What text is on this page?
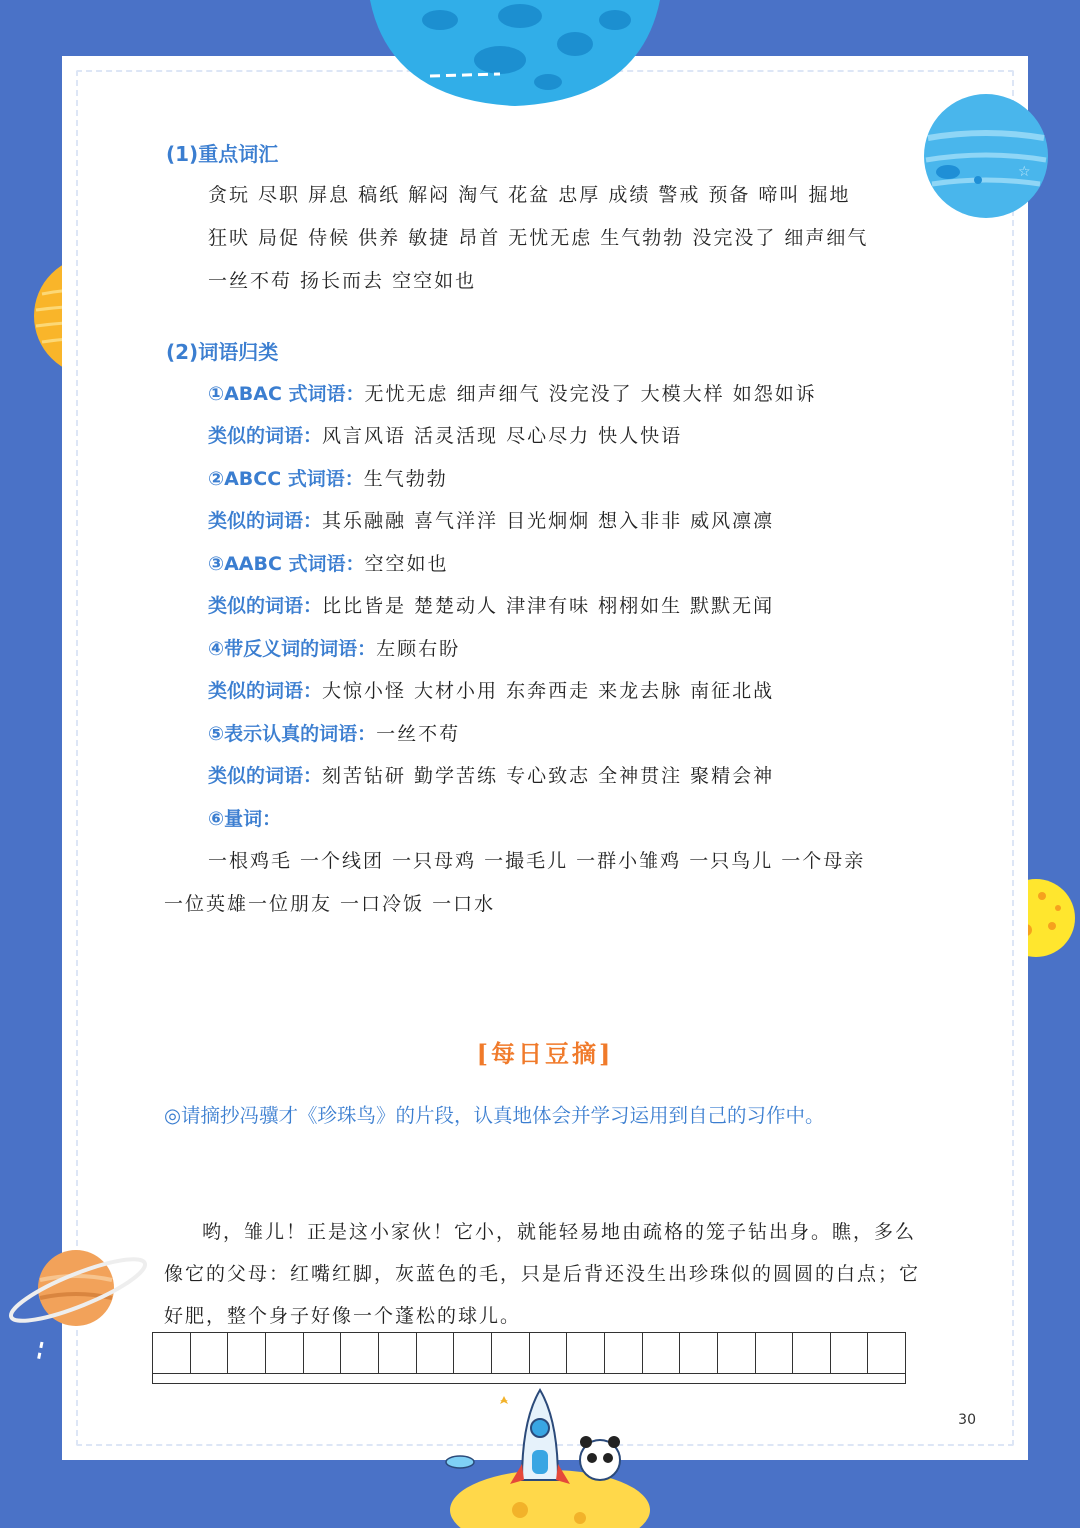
(1)重点词汇
贪玩 尽职 屏息 稿纸 解闷 淘气 花盆 忠厚 成绩 警戒 预备 啼叫 掘地
狂吠 局促 侍候 供养 敏捷 昂首 无忧无虑 生气勃勃 没完没了 细声细气
一丝不苟 扬长而去 空空如也
(2)词语归类
①ABAC 式词语：无忧无虑 细声细气 没完没了 大模大样 如怨如诉
类似的词语：风言风语 活灵活现 尽心尽力 快人快语
②ABCC 式词语：生气勃勃
类似的词语：其乐融融 喜气洋洋 目光炯炯 想入非非 威风凛凛
③AABC 式词语：空空如也
类似的词语：比比皆是 楚楚动人 津津有味 栩栩如生 默默无闻
④带反义词的词语：左顾右盼
类似的词语：大惊小怪 大材小用 东奔西走 来龙去脉 南征北战
⑤表示认真的词语：一丝不苟
类似的词语：刻苦钻研 勤学苦练 专心致志 全神贯注 聚精会神
⑥量词：
一根鸡毛 一个线团 一只母鸡 一撮毛儿 一群小雏鸡 一只鸟儿 一个母亲
一位英雄一位朋友 一口冷饭 一口水
[每日豆摘]
◎请摘抄冯骥才《珍珠鸟》的片段，认真地体会并学习运用到自己的习作中。
哟，雏儿！正是这小家伙！它小，就能轻易地由疏格的笼子钻出身。瞧，多么像它的父母：红嘴红脚，灰蓝色的毛，只是后背还没生出珍珠似的圆圆的白点；它好肥，整个身子好像一个蓬松的球儿。
30
☆
